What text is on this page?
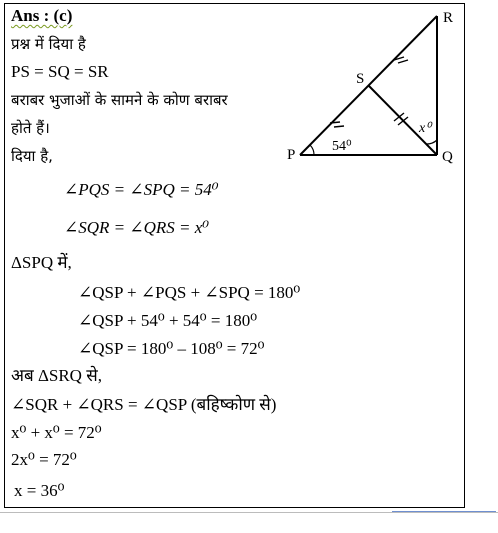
Ans : (c)
प्रश्न में दिया है
PS = SQ = SR
बराबर भुजाओं के सामने के कोण बराबर
होते हैं।
दिया है,
∠PQS = ∠SPQ = 54⁰
∠SQR = ∠QRS = x⁰
ΔSPQ में,
∠QSP + ∠PQS + ∠SPQ = 180⁰
∠QSP + 54⁰ + 54⁰ = 180⁰
∠QSP = 180⁰ – 108⁰ = 72⁰
अब ΔSRQ से,
∠SQR + ∠QRS = ∠QSP (बहिष्कोण से)
x⁰ + x⁰ = 72⁰
2x⁰ = 72⁰
x = 36⁰
R
S
P	Q
54⁰
x⁰
